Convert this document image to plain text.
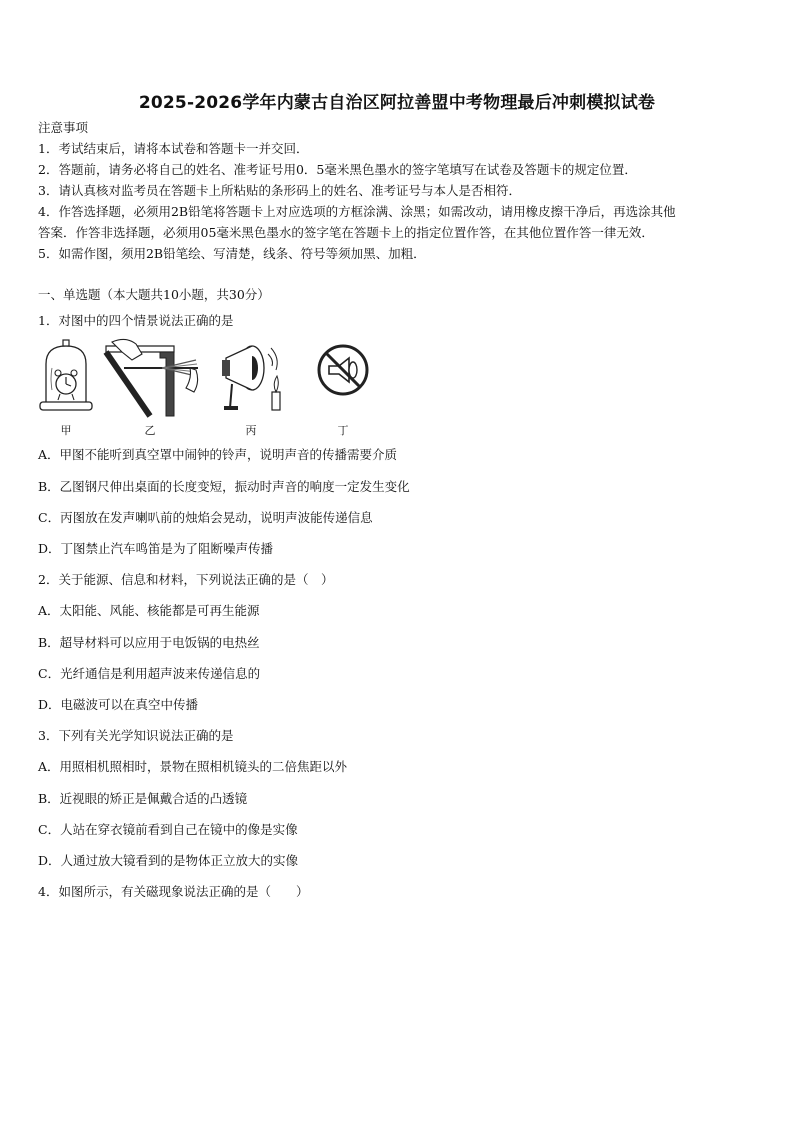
2025-2026学年内蒙古自治区阿拉善盟中考物理最后冲刺模拟试卷
注意事项
1．考试结束后，请将本试卷和答题卡一并交回．
2．答题前，请务必将自己的姓名、准考证号用0．5毫米黑色墨水的签字笔填写在试卷及答题卡的规定位置．
3．请认真核对监考员在答题卡上所粘贴的条形码上的姓名、准考证号与本人是否相符．
4．作答选择题，必须用2B铅笔将答题卡上对应选项的方框涂满、涂黑；如需改动，请用橡皮擦干净后，再选涂其他
答案．作答非选择题，必须用05毫米黑色墨水的签字笔在答题卡上的指定位置作答，在其他位置作答一律无效．
5．如需作图，须用2B铅笔绘、写清楚，线条、符号等须加黑、加粗．
一、单选题（本大题共10小题，共30分）
1．对图中的四个情景说法正确的是
甲	乙	丙	丁
A．甲图不能听到真空罩中闹钟的铃声，说明声音的传播需要介质
B．乙图钢尺伸出桌面的长度变短，振动时声音的响度一定发生变化
C．丙图放在发声喇叭前的烛焰会晃动，说明声波能传递信息
D．丁图禁止汽车鸣笛是为了阻断噪声传播
2．关于能源、信息和材料，下列说法正确的是（　）
A．太阳能、风能、核能都是可再生能源
B．超导材料可以应用于电饭锅的电热丝
C．光纤通信是利用超声波来传递信息的
D．电磁波可以在真空中传播
3．下列有关光学知识说法正确的是
A．用照相机照相时，景物在照相机镜头的二倍焦距以外
B．近视眼的矫正是佩戴合适的凸透镜
C．人站在穿衣镜前看到自己在镜中的像是实像
D．人通过放大镜看到的是物体正立放大的实像
4．如图所示，有关磁现象说法正确的是（　　）
